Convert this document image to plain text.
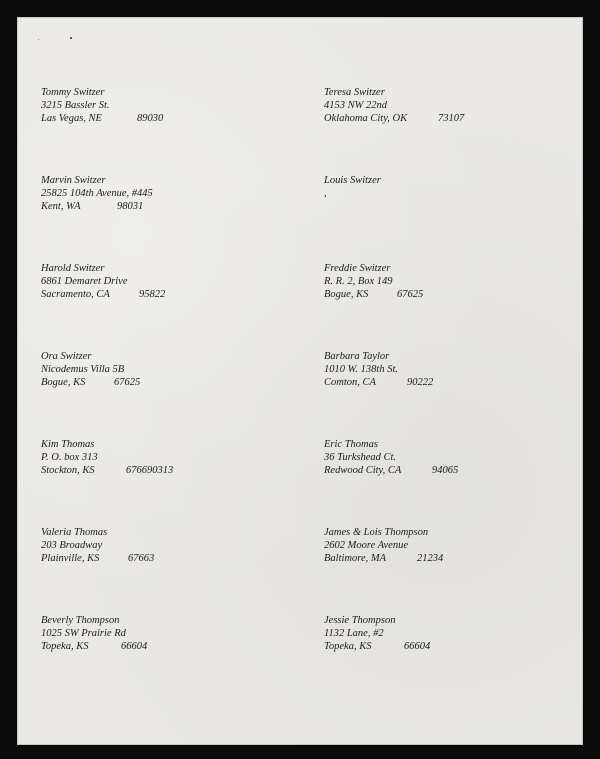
Tommy Switzer
3215 Bassler St.
Las Vegas, NE	89030
Teresa Switzer
4153 NW 22nd
Oklahoma City, OK	73107
Marvin Switzer
25825 104th Avenue, #445
Kent, WA	98031
Louis Switzer
,
Harold Switzer
6861 Demaret Drive
Sacramento, CA	95822
Freddie Switzer
R. R. 2, Box 149
Bogue, KS	67625
Ora Switzer
Nicodemus Villa 5B
Bogue, KS	67625
Barbara Taylor
1010 W. 138th St.
Comton, CA	90222
Kim Thomas
P. O. box 313
Stockton, KS	676690313
Eric Thomas
36 Turkshead Ct.
Redwood City, CA	94065
Valeria Thomas
203 Broadway
Plainville, KS	67663
James & Lois Thompson
2602 Moore Avenue
Baltimore, MA	21234
Beverly Thompson
1025 SW Prairie Rd
Topeka, KS	66604
Jessie Thompson
1132 Lane, #2
Topeka, KS	66604
